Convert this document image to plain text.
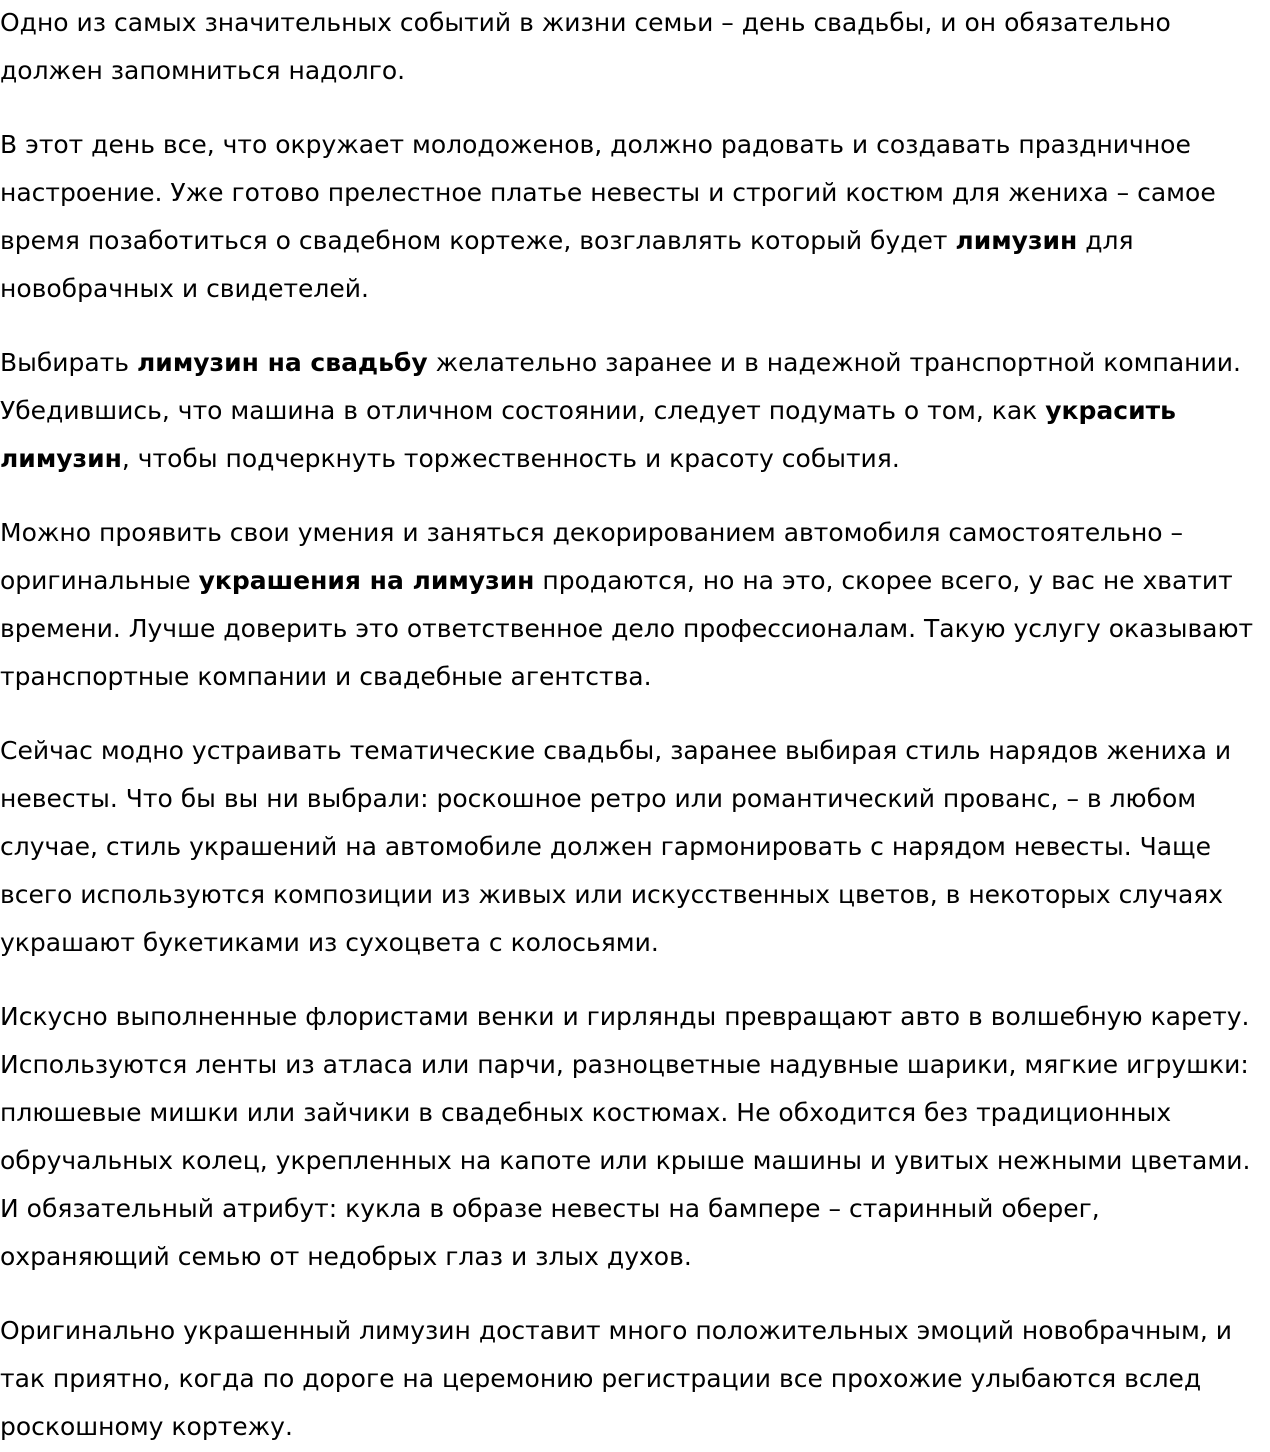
Одно из самых значительных событий в жизни семьи – день свадьбы, и он обязательно должен запомниться надолго.

В этот день все, что окружает молодоженов, должно радовать и создавать праздничное настроение. Уже готово прелестное платье невесты и строгий костюм для жениха – самое время позаботиться о свадебном кортеже, возглавлять который будет лимузин для новобрачных и свидетелей.

Выбирать лимузин на свадьбу желательно заранее и в надежной транспортной компании. Убедившись, что машина в отличном состоянии, следует подумать о том, как украсить лимузин, чтобы подчеркнуть торжественность и красоту события.

Можно проявить свои умения и заняться декорированием автомобиля самостоятельно – оригинальные украшения на лимузин продаются, но на это, скорее всего, у вас не хватит времени. Лучше доверить это ответственное дело профессионалам. Такую услугу оказывают транспортные компании и свадебные агентства.

Сейчас модно устраивать тематические свадьбы, заранее выбирая стиль нарядов жениха и невесты. Что бы вы ни выбрали: роскошное ретро или романтический прованс, – в любом случае, стиль украшений на автомобиле должен гармонировать с нарядом невесты. Чаще всего используются композиции из живых или искусственных цветов, в некоторых случаях украшают букетиками из сухоцвета с колосьями.

Искусно выполненные флористами венки и гирлянды превращают авто в волшебную карету. Используются ленты из атласа или парчи, разноцветные надувные шарики, мягкие игрушки: плюшевые мишки или зайчики в свадебных костюмах. Не обходится без традиционных обручальных колец, укрепленных на капоте или крыше машины и увитых нежными цветами. И обязательный атрибут: кукла в образе невесты на бампере – старинный оберег, охраняющий семью от недобрых глаз и злых духов.

Оригинально украшенный лимузин доставит много положительных эмоций новобрачным, и так приятно, когда по дороге на церемонию регистрации все прохожие улыбаются вслед роскошному кортежу.
